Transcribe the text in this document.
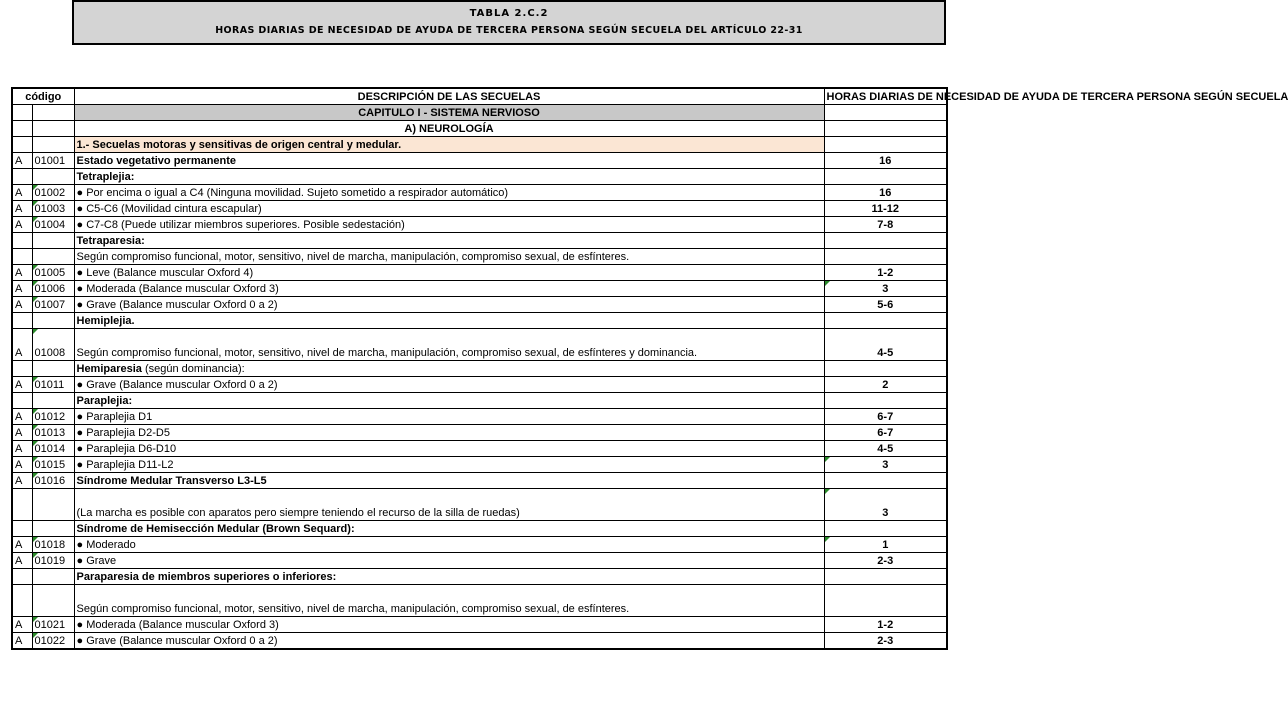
TABLA 2.C.2
HORAS DIARIAS DE NECESIDAD DE AYUDA DE TERCERA PERSONA SEGÚN SECUELA DEL ARTÍCULO 22-31
código		DESCRIPCIÓN DE LAS SECUELAS	HORAS DIARIAS DE NECESIDAD DE AYUDA DE TERCERA PERSONA SEGÚN SECUELA
		CAPITULO I - SISTEMA NERVIOSO	
		A) NEUROLOGÍA	
		1.- Secuelas motoras y sensitivas de origen central y medular.	
A	01001	Estado vegetativo permanente	16
		Tetraplejia:	
A	01002	● Por encima o igual a C4 (Ninguna movilidad. Sujeto sometido a respirador automático)	16
A	01003	● C5-C6 (Movilidad cintura escapular)	11-12
A	01004	● C7-C8 (Puede utilizar miembros superiores. Posible sedestación)	7-8
		Tetraparesia:	
		Según compromiso funcional, motor, sensitivo, nivel de marcha, manipulación, compromiso sexual, de esfínteres.	
A	01005	● Leve (Balance muscular Oxford 4)	1-2
A	01006	● Moderada (Balance muscular Oxford 3)	3
A	01007	● Grave (Balance muscular Oxford 0 a 2)	5-6
		Hemiplejia.	
A	01008	Según compromiso funcional, motor, sensitivo, nivel de marcha, manipulación, compromiso sexual, de esfínteres y dominancia.	4-5
		Hemiparesia (según dominancia):	
A	01011	● Grave (Balance muscular Oxford 0 a 2)	2
		Paraplejia:	
A	01012	● Paraplejia D1	6-7
A	01013	● Paraplejia D2-D5	6-7
A	01014	● Paraplejia D6-D10	4-5
A	01015	● Paraplejia D11-L2	3
A	01016	Síndrome Medular Transverso L3-L5	
		(La marcha es posible con aparatos pero siempre teniendo el recurso de la silla de ruedas)	3
		Síndrome de Hemisección Medular (Brown Sequard):	
A	01018	● Moderado	1
A	01019	● Grave	2-3
		Paraparesia de miembros superiores o inferiores:	
		Según compromiso funcional, motor, sensitivo, nivel de marcha, manipulación, compromiso sexual, de esfínteres.	
A	01021	● Moderada (Balance muscular Oxford 3)	1-2
A	01022	● Grave (Balance muscular Oxford 0 a 2)	2-3
